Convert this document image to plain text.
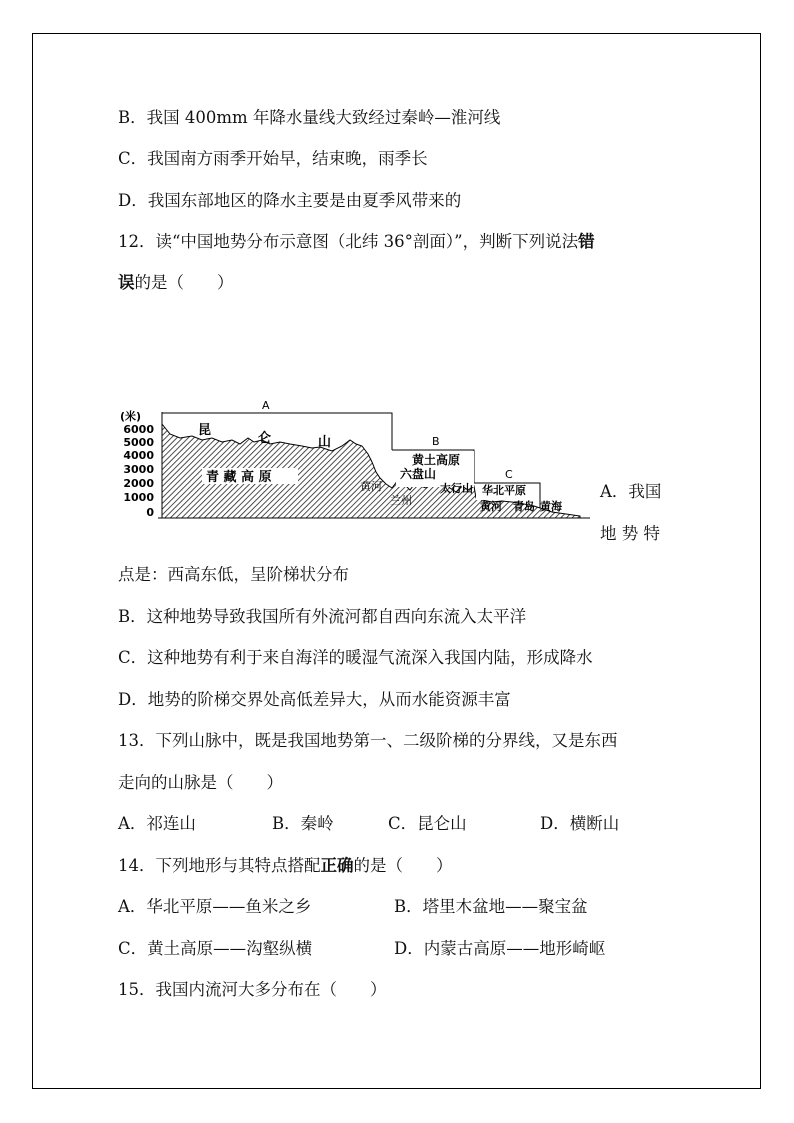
B．我国 400mm 年降水量线大致经过秦岭—淮河线
C．我国南方雨季开始早，结束晚，雨季长
D．我国东部地区的降水主要是由夏季风带来的
12．读“中国地势分布示意图（北纬 36°剖面）”，判断下列说法错
误的是（　　）
(米)
6000
5000
4000
3000
2000
1000
0
A
B
C
昆
仑	山
青 藏 高 原
黄河
兰州
黄土高原
六盘山
太行山 华北平原
黄河 青岛 黄海
A．我国
地 势 特
点是：西高东低，呈阶梯状分布
B．这种地势导致我国所有外流河都自西向东流入太平洋
C．这种地势有利于来自海洋的暖湿气流深入我国内陆，形成降水
D．地势的阶梯交界处高低差异大，从而水能资源丰富
13．下列山脉中，既是我国地势第一、二级阶梯的分界线，又是东西
走向的山脉是（　　）
A．祁连山	B．秦岭	C．昆仑山	D．横断山
14．下列地形与其特点搭配正确的是（　　）
A．华北平原——鱼米之乡	B．塔里木盆地——聚宝盆
C．黄土高原——沟壑纵横	D．内蒙古高原——地形崎岖
15．我国内流河大多分布在（　　）
